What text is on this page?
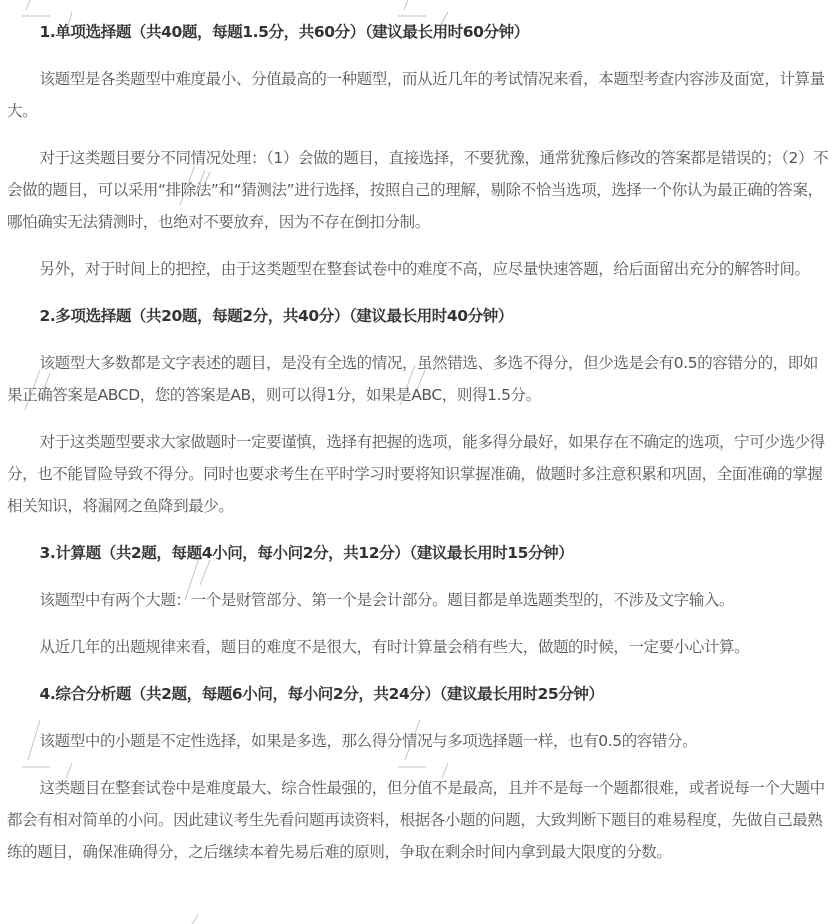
1.单项选择题（共40题，每题1.5分，共60分）（建议最长用时60分钟）

该题型是各类题型中难度最小、分值最高的一种题型，而从近几年的考试情况来看，本题型考查内容涉及面宽，计算量大。

对于这类题目要分不同情况处理：（1）会做的题目，直接选择，不要犹豫，通常犹豫后修改的答案都是错误的；（2）不会做的题目，可以采用“排除法”和“猜测法”进行选择，按照自己的理解，剔除不恰当选项，选择一个你认为最正确的答案，哪怕确实无法猜测时，也绝对不要放弃，因为不存在倒扣分制。

另外，对于时间上的把控，由于这类题型在整套试卷中的难度不高，应尽量快速答题，给后面留出充分的解答时间。

2.多项选择题（共20题，每题2分，共40分）（建议最长用时40分钟）

该题型大多数都是文字表述的题目，是没有全选的情况，虽然错选、多选不得分，但少选是会有0.5的容错分的，即如果正确答案是ABCD，您的答案是AB，则可以得1分，如果是ABC，则得1.5分。

对于这类题型要求大家做题时一定要谨慎，选择有把握的选项，能多得分最好，如果存在不确定的选项，宁可少选少得分，也不能冒险导致不得分。同时也要求考生在平时学习时要将知识掌握准确，做题时多注意积累和巩固，全面准确的掌握相关知识，将漏网之鱼降到最少。

3.计算题（共2题，每题4小问，每小问2分，共12分）（建议最长用时15分钟）

该题型中有两个大题：一个是财管部分、第一个是会计部分。题目都是单选题类型的，不涉及文字输入。

从近几年的出题规律来看，题目的难度不是很大，有时计算量会稍有些大，做题的时候，一定要小心计算。

4.综合分析题（共2题，每题6小问，每小问2分，共24分）（建议最长用时25分钟）

该题型中的小题是不定性选择，如果是多选，那么得分情况与多项选择题一样，也有0.5的容错分。

这类题目在整套试卷中是难度最大、综合性最强的，但分值不是最高，且并不是每一个题都很难，或者说每一个大题中都会有相对简单的小问。因此建议考生先看问题再读资料，根据各小题的问题，大致判断下题目的难易程度，先做自己最熟练的题目，确保准确得分，之后继续本着先易后难的原则，争取在剩余时间内拿到最大限度的分数。
